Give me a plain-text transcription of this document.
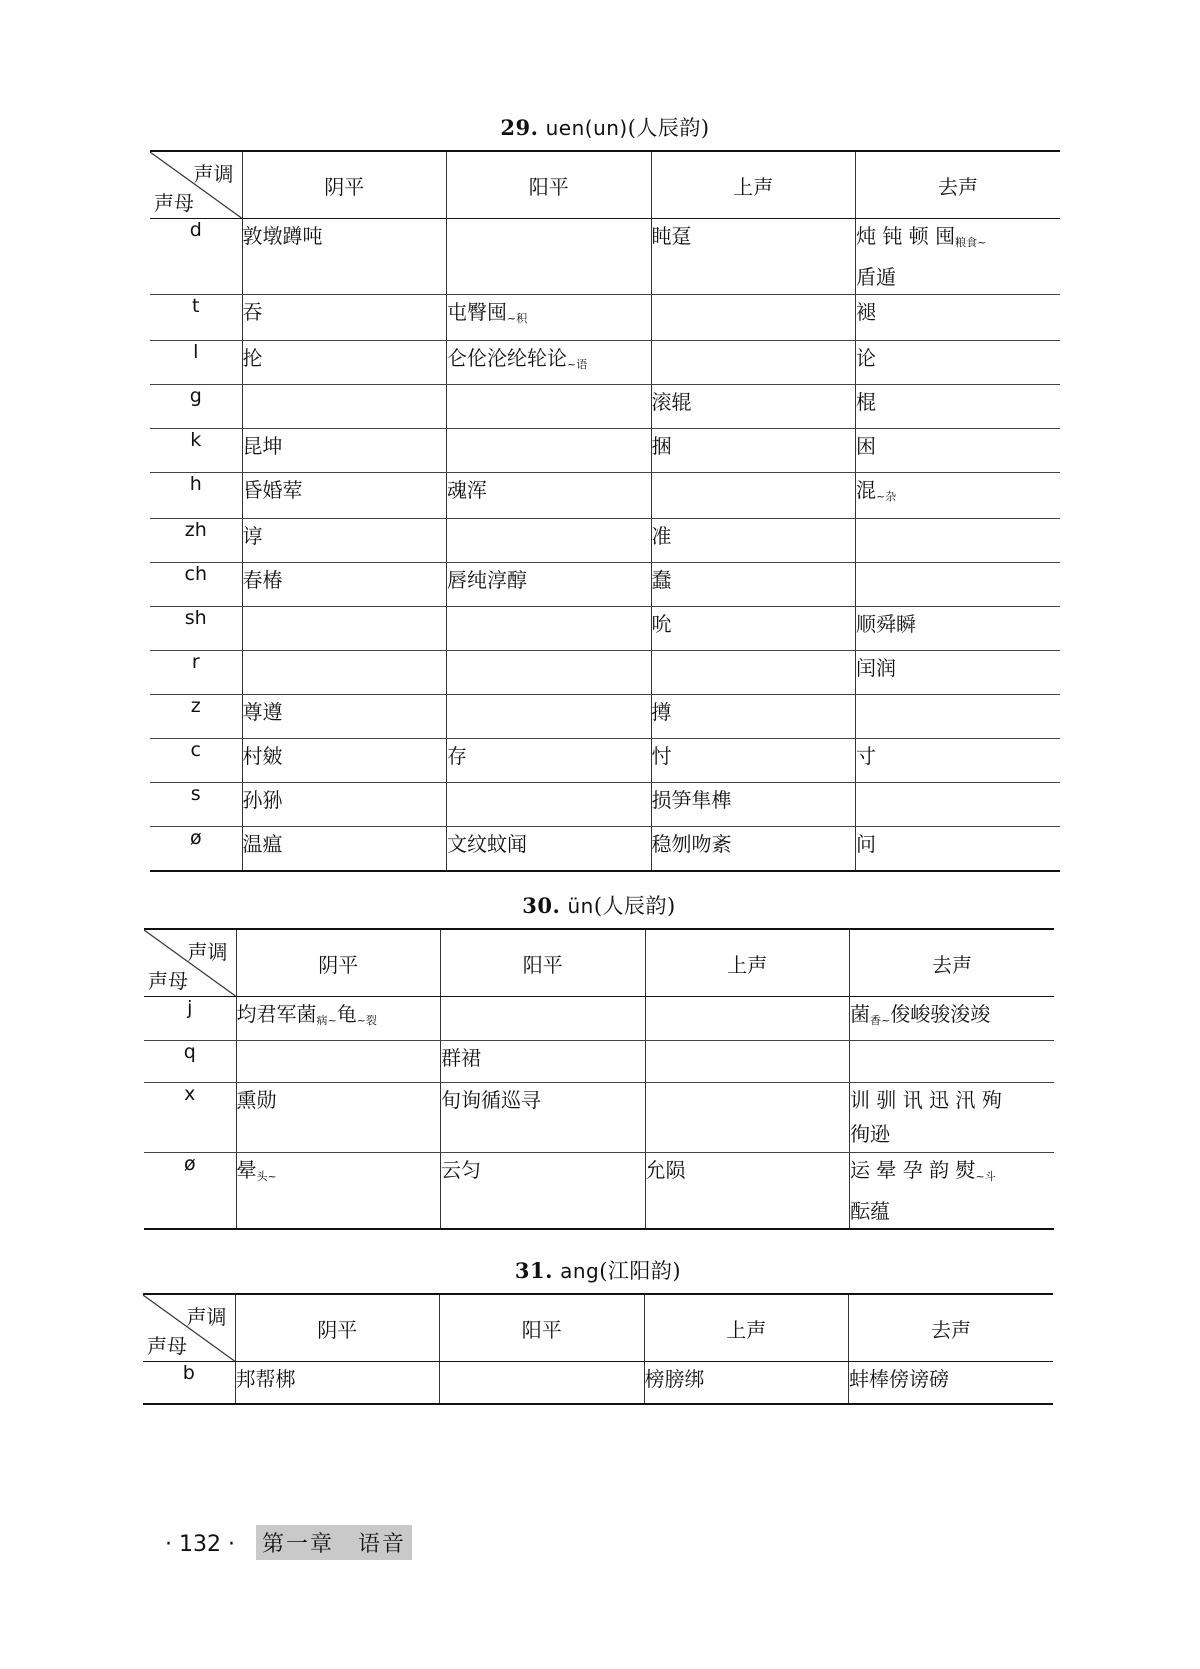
29. uen(un)(人辰韵)
声调
声母	阴平	阳平	上声	去声
d	敦墩蹲吨		盹趸	炖 钝 顿 囤$_{粮食\sim}$
盾遁
t	吞	屯臀囤$_{\sim 积}$		褪
l	抡	仑伦沦纶轮论$_{\sim 语}$		论
g			滚辊	棍
k	昆坤		捆	困
h	昏婚荤	魂浑		混$_{\sim 杂}$
zh	谆		准	
ch	春椿	唇纯淳醇	蠢	
sh			吮	顺舜瞬
r				闰润
z	尊遵		撙	
c	村皴	存	忖	寸
s	孙狲		损笋隼榫	
ø	温瘟	文纹蚊闻	稳刎吻紊	问
30. ün(人辰韵)
声调
声母	阴平	阳平	上声	去声
j	均君军菌$_{病\sim}$龟$_{\sim 裂}$			菌$_{香\sim}$俊峻骏浚竣
q		群裙		
x	熏勋	旬询循巡寻		训 驯 讯 迅 汛 殉
徇逊
ø	晕$_{头\sim}$	云匀	允陨	运 晕 孕 韵 熨$_{\sim 斗}$
酝蕴
31. ang(江阳韵)
声调
声母	阴平	阳平	上声	去声
b	邦帮梆		榜膀绑	蚌棒傍谤磅
· 132 · 第一章　语音
